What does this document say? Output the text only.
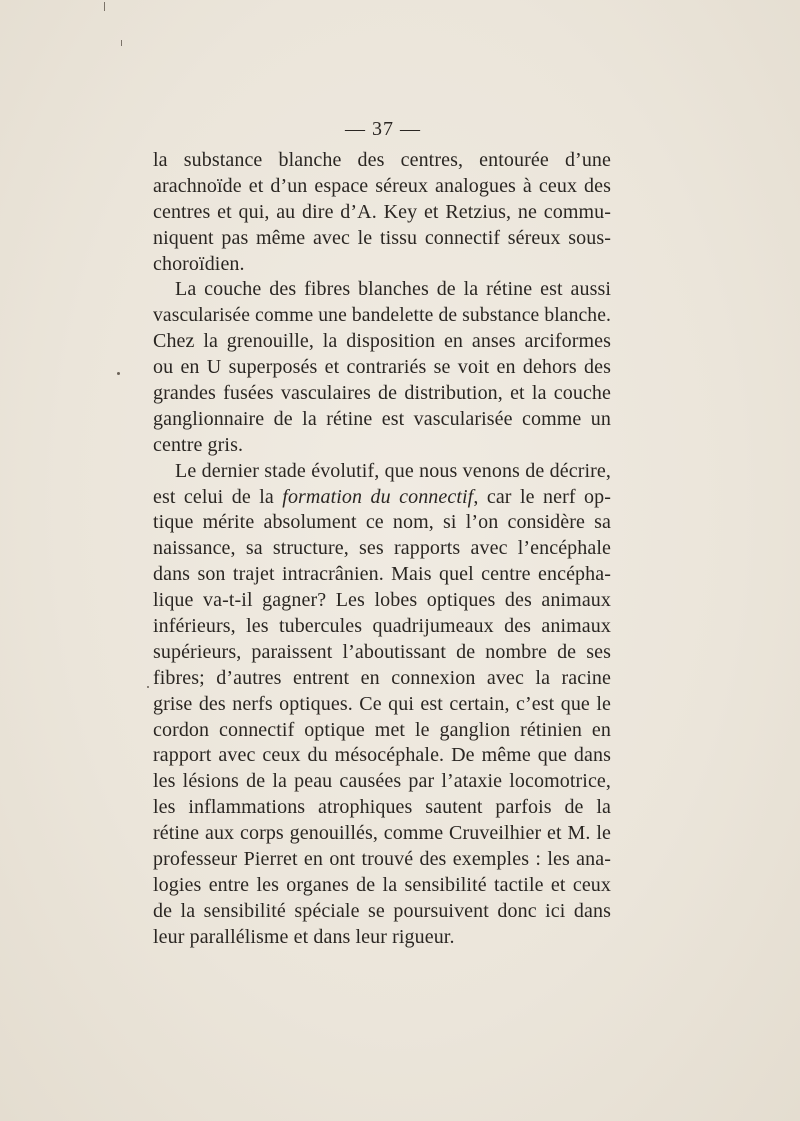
— 37 —
la substance blanche des centres, entourée d’une
arachnoïde et d’un espace séreux analogues à ceux des
centres et qui, au dire d’A. Key et Retzius, ne commu-
niquent pas même avec le tissu connectif séreux sous-
choroïdien.
La couche des fibres blanches de la rétine est aussi
vascularisée comme une bandelette de substance blanche.
Chez la grenouille, la disposition en anses arciformes
ou en U superposés et contrariés se voit en dehors des
grandes fusées vasculaires de distribution, et la couche
ganglionnaire de la rétine est vascularisée comme un
centre gris.
Le dernier stade évolutif, que nous venons de décrire,
est celui de la formation du connectif, car le nerf op-
tique mérite absolument ce nom, si l’on considère sa
naissance, sa structure, ses rapports avec l’encéphale
dans son trajet intracrânien. Mais quel centre encépha-
lique va-t-il gagner? Les lobes optiques des animaux
inférieurs, les tubercules quadrijumeaux des animaux
supérieurs, paraissent l’aboutissant de nombre de ses
fibres; d’autres entrent en connexion avec la racine
grise des nerfs optiques. Ce qui est certain, c’est que le
cordon connectif optique met le ganglion rétinien en
rapport avec ceux du mésocéphale. De même que dans
les lésions de la peau causées par l’ataxie locomotrice,
les inflammations atrophiques sautent parfois de la
rétine aux corps genouillés, comme Cruveilhier et M. le
professeur Pierret en ont trouvé des exemples : les ana-
logies entre les organes de la sensibilité tactile et ceux
de la sensibilité spéciale se poursuivent donc ici dans
leur parallélisme et dans leur rigueur.
